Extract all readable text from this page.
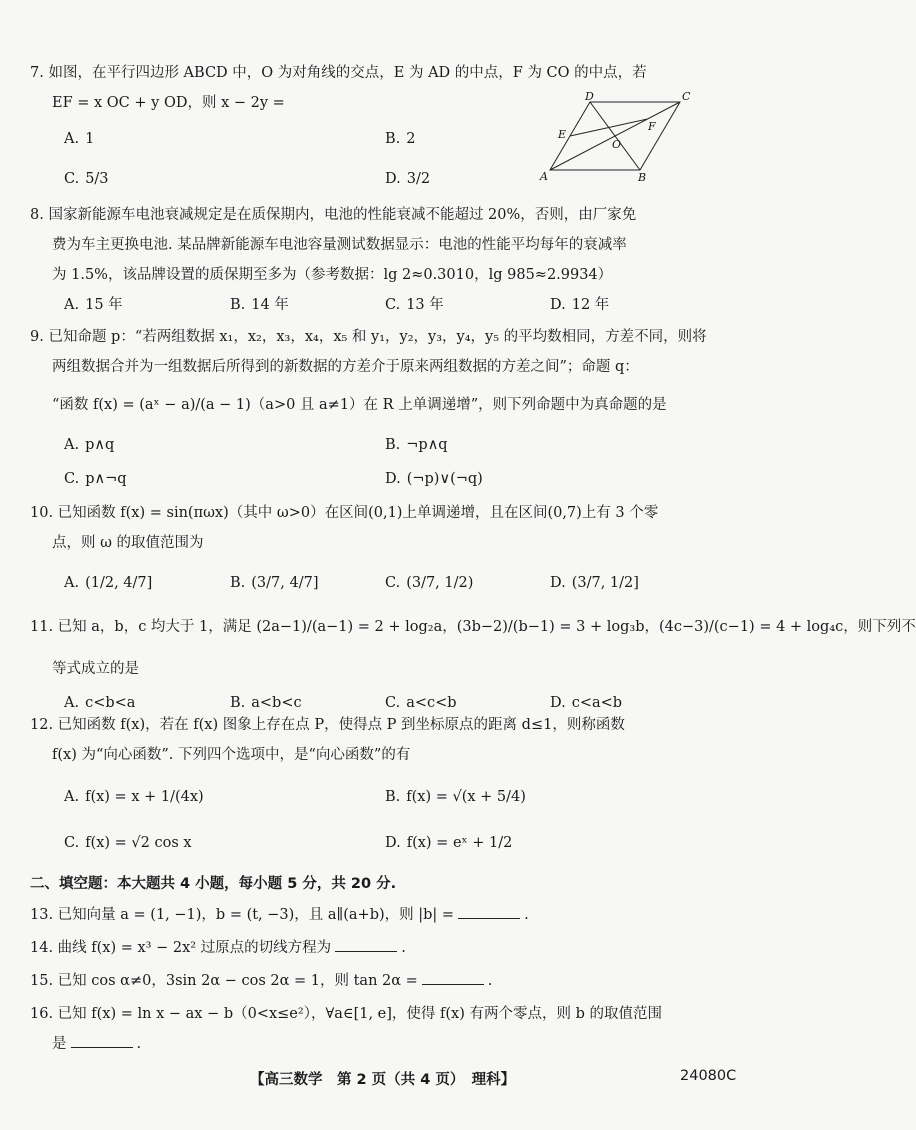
7. 如图，在平行四边形 ABCD 中，O 为对角线的交点，E 为 AD 的中点，F 为 CO 的中点，若
EF = x OC + y OD，则 x − 2y =
A. 1	B. 2
C. 5/3	D. 3/2
D	C
E
F
O
A	B
8. 国家新能源车电池衰减规定是在质保期内，电池的性能衰减不能超过 20%，否则，由厂家免
费为车主更换电池. 某品牌新能源车电池容量测试数据显示：电池的性能平均每年的衰减率
为 1.5%，该品牌设置的质保期至多为（参考数据：lg 2≈0.3010，lg 985≈2.9934）
A. 15 年	B. 14 年	C. 13 年	D. 12 年
9. 已知命题 p：“若两组数据 x₁，x₂，x₃，x₄，x₅ 和 y₁，y₂，y₃，y₄，y₅ 的平均数相同，方差不同，则将
两组数据合并为一组数据后所得到的新数据的方差介于原来两组数据的方差之间”；命题 q：
“函数 f(x) = (aˣ − a)/(a − 1)（a>0 且 a≠1）在 R 上单调递增”，则下列命题中为真命题的是
A. p∧q	B. ¬p∧q
C. p∧¬q	D. (¬p)∨(¬q)
10. 已知函数 f(x) = sin(πωx)（其中 ω>0）在区间(0,1)上单调递增，且在区间(0,7)上有 3 个零
点，则 ω 的取值范围为
A. (1/2, 4/7]	B. (3/7, 4/7]	C. (3/7, 1/2)	D. (3/7, 1/2]
11. 已知 a，b，c 均大于 1，满足 (2a−1)/(a−1) = 2 + log₂a，(3b−2)/(b−1) = 3 + log₃b，(4c−3)/(c−1) = 4 + log₄c，则下列不
等式成立的是
A. c<b<a	B. a<b<c	C. a<c<b	D. c<a<b
12. 已知函数 f(x)，若在 f(x) 图象上存在点 P，使得点 P 到坐标原点的距离 d≤1，则称函数
f(x) 为“向心函数”. 下列四个选项中，是“向心函数”的有
A. f(x) = x + 1/(4x)	B. f(x) = √(x + 5/4)
C. f(x) = √2 cos x	D. f(x) = eˣ + 1/2
二、填空题：本大题共 4 小题，每小题 5 分，共 20 分.
13. 已知向量 a = (1, −1)，b = (t, −3)，且 a∥(a+b)，则 |b| =	.
14. 曲线 f(x) = x³ − 2x² 过原点的切线方程为	.
15. 已知 cos α≠0，3sin 2α − cos 2α = 1，则 tan 2α =	.
16. 已知 f(x) = ln x − ax − b（0<x≤e²），∀a∈[1, e]，使得 f(x) 有两个零点，则 b 的取值范围
是	.
【高三数学　第 2 页（共 4 页）　理科】	24080C
